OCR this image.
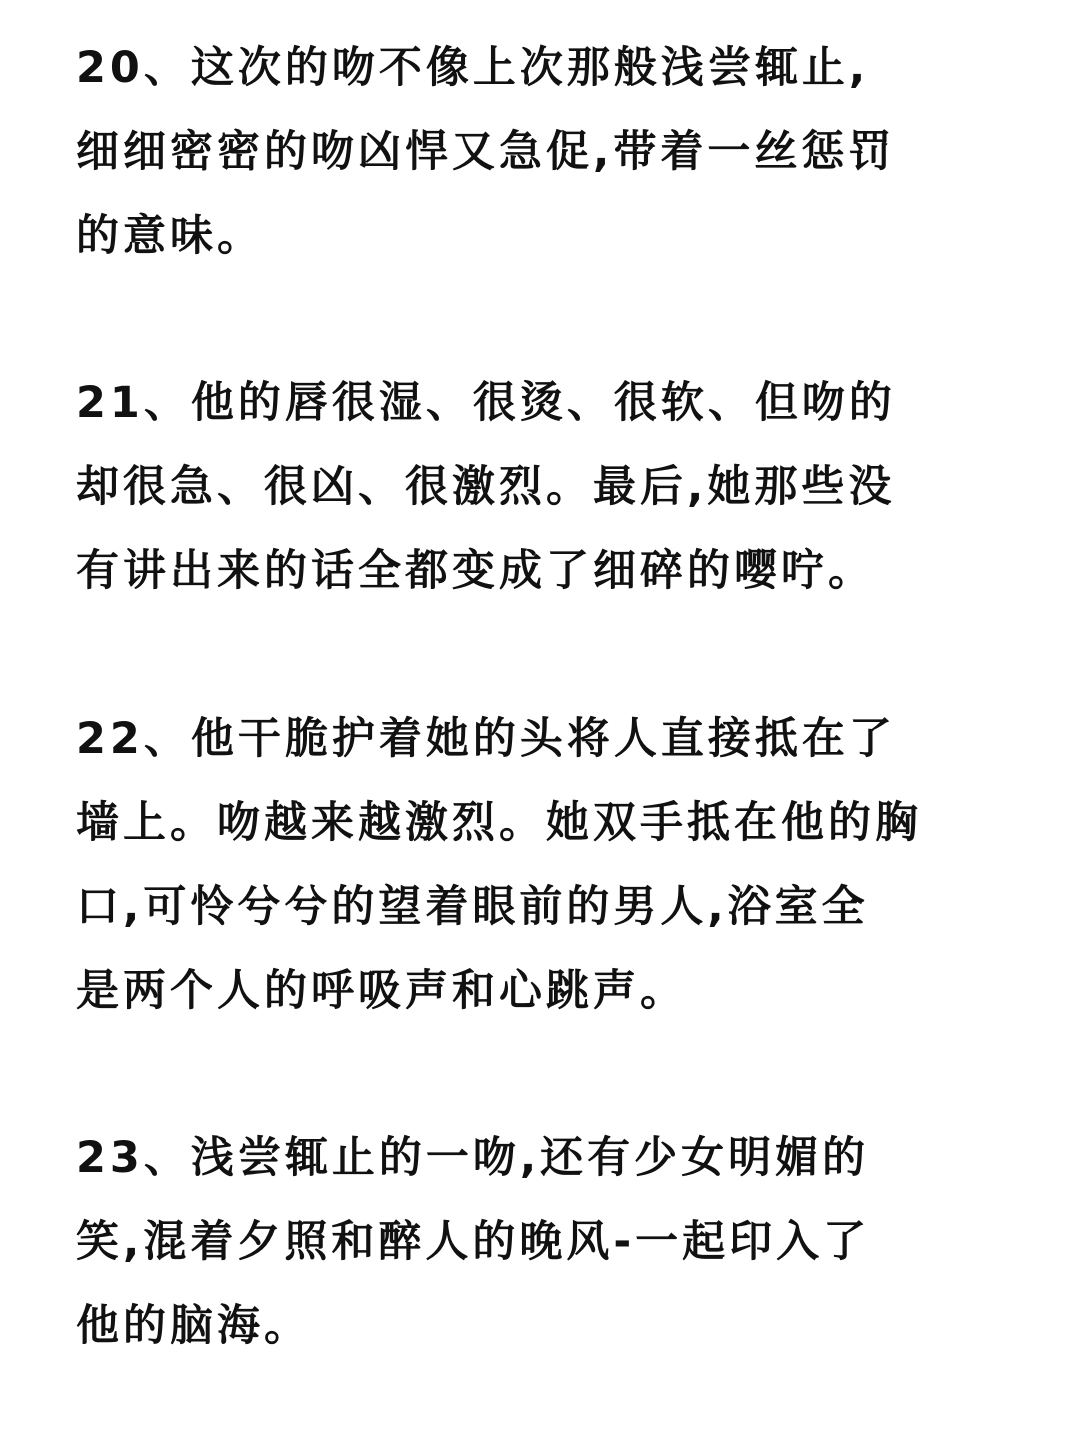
20、这次的吻不像上次那般浅尝辄止,
细细密密的吻凶悍又急促,带着一丝惩罚
的意味。
21、他的唇很湿、很烫、很软、但吻的
却很急、很凶、很激烈。最后,她那些没
有讲出来的话全都变成了细碎的嘤咛。
22、他干脆护着她的头将人直接抵在了
墙上。吻越来越激烈。她双手抵在他的胸
口,可怜兮兮的望着眼前的男人,浴室全
是两个人的呼吸声和心跳声。
23、浅尝辄止的一吻,还有少女明媚的
笑,混着夕照和醉人的晚风-一起印入了
他的脑海。
